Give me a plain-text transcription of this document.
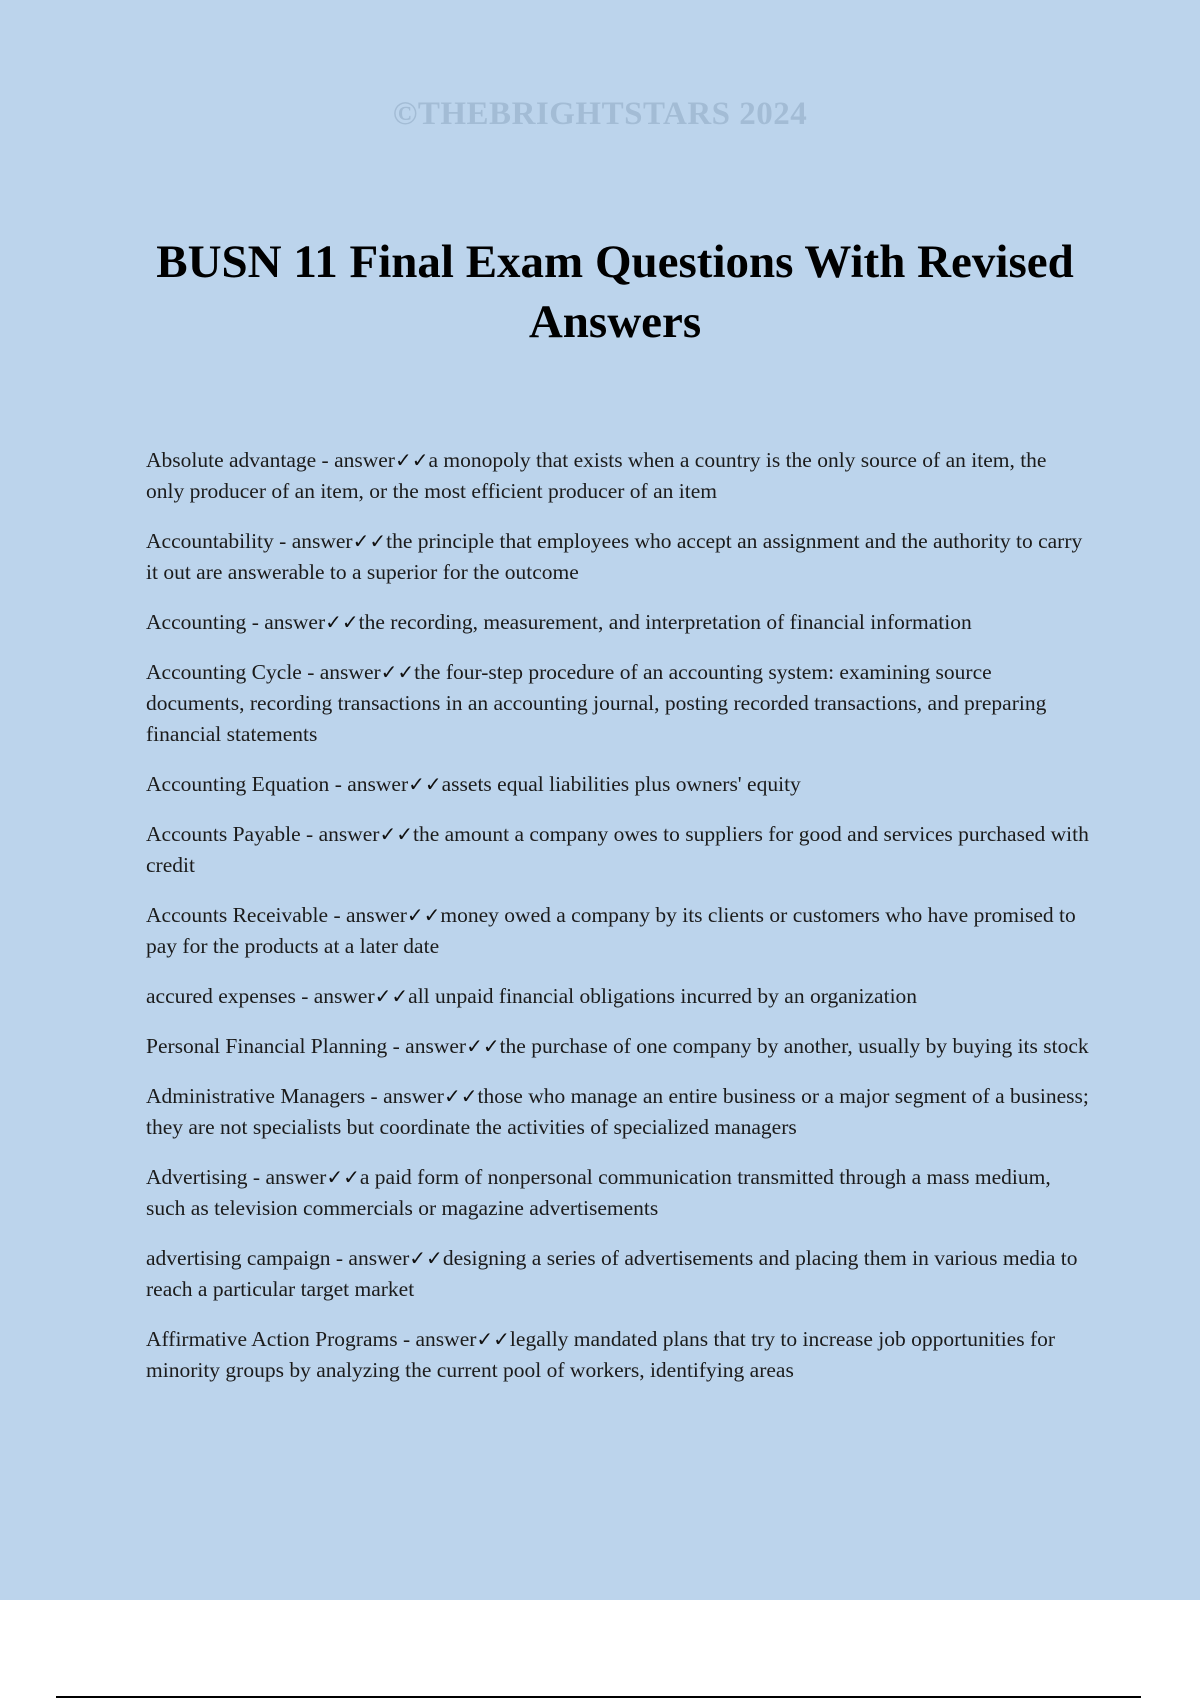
©THEBRIGHTSTARS 2024
BUSN 11 Final Exam Questions With Revised Answers

Absolute advantage - answer✓✓a monopoly that exists when a country is the only source of an item, the only producer of an item, or the most efficient producer of an item

Accountability - answer✓✓the principle that employees who accept an assignment and the authority to carry it out are answerable to a superior for the outcome

Accounting - answer✓✓the recording, measurement, and interpretation of financial information

Accounting Cycle - answer✓✓the four-step procedure of an accounting system: examining source documents, recording transactions in an accounting journal, posting recorded transactions, and preparing financial statements

Accounting Equation - answer✓✓assets equal liabilities plus owners' equity

Accounts Payable - answer✓✓the amount a company owes to suppliers for good and services purchased with credit

Accounts Receivable - answer✓✓money owed a company by its clients or customers who have promised to pay for the products at a later date

accured expenses - answer✓✓all unpaid financial obligations incurred by an organization

Personal Financial Planning - answer✓✓the purchase of one company by another, usually by buying its stock

Administrative Managers - answer✓✓those who manage an entire business or a major segment of a business; they are not specialists but coordinate the activities of specialized managers

Advertising - answer✓✓a paid form of nonpersonal communication transmitted through a mass medium, such as television commercials or magazine advertisements

advertising campaign - answer✓✓designing a series of advertisements and placing them in various media to reach a particular target market

Affirmative Action Programs - answer✓✓legally mandated plans that try to increase job opportunities for minority groups by analyzing the current pool of workers, identifying areas
